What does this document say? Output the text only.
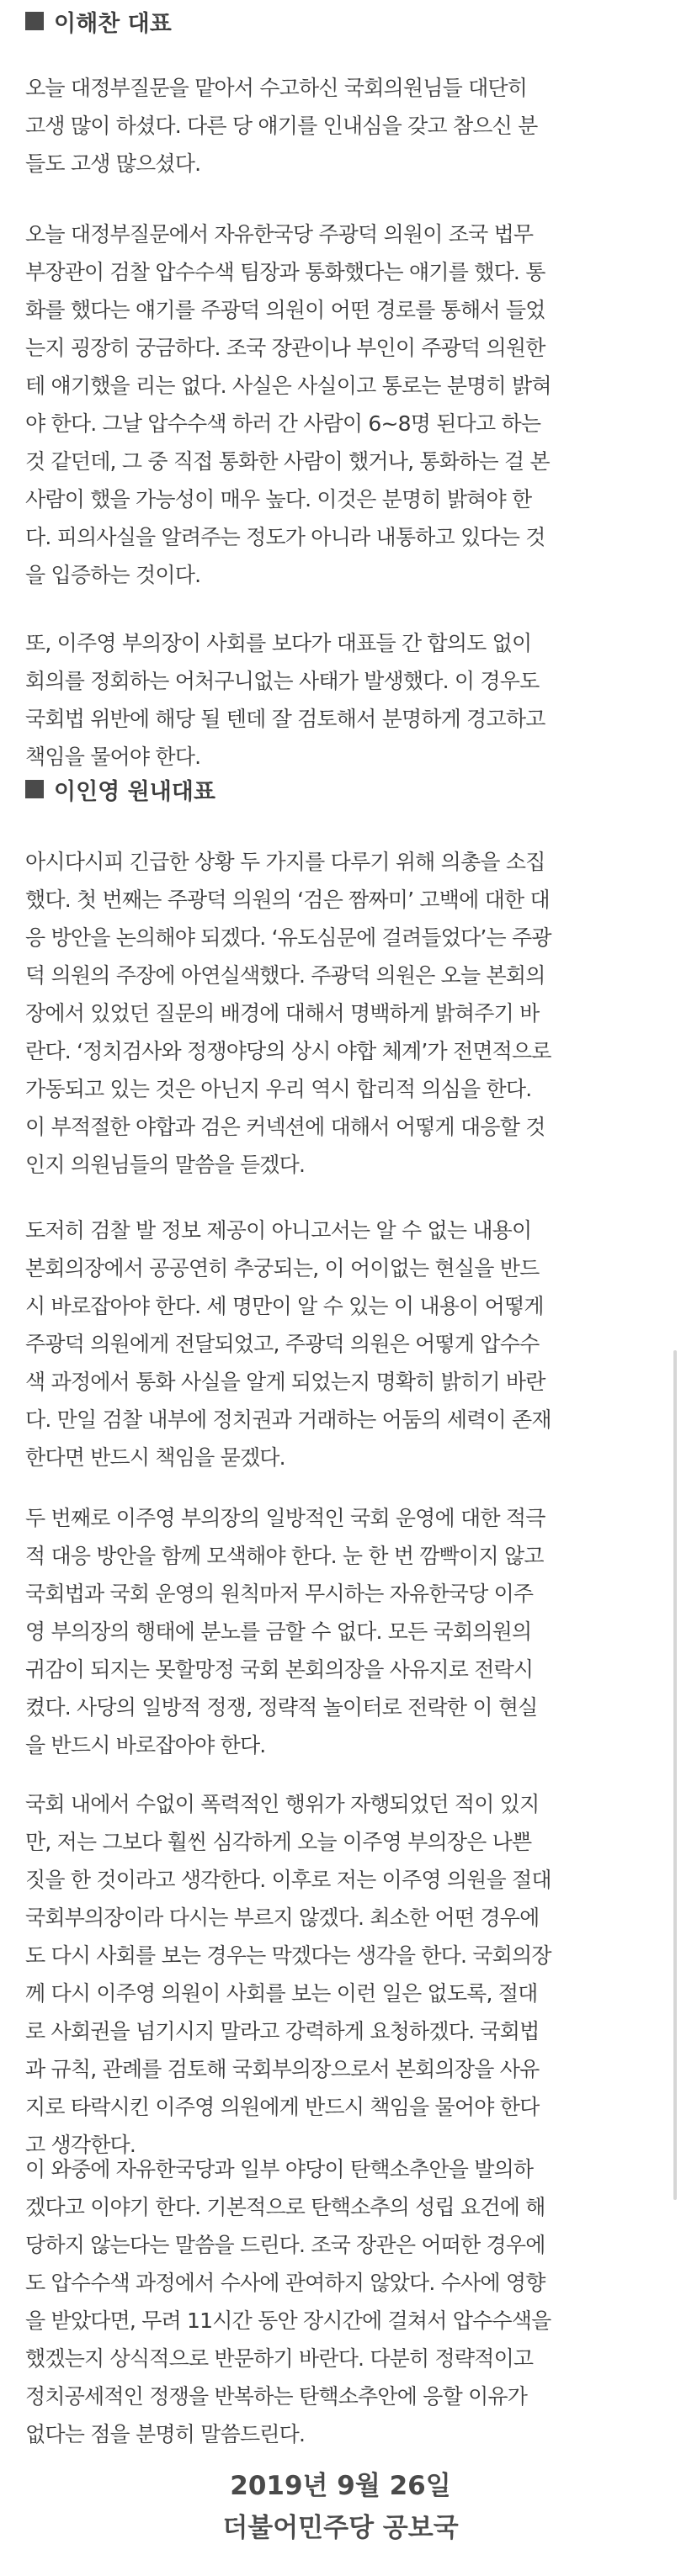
이해찬 대표
오늘 대정부질문을 맡아서 수고하신 국회의원님들 대단히
고생 많이 하셨다. 다른 당 얘기를 인내심을 갖고 참으신 분
들도 고생 많으셨다.
오늘 대정부질문에서 자유한국당 주광덕 의원이 조국 법무
부장관이 검찰 압수수색 팀장과 통화했다는 얘기를 했다. 통
화를 했다는 얘기를 주광덕 의원이 어떤 경로를 통해서 들었
는지 굉장히 궁금하다. 조국 장관이나 부인이 주광덕 의원한
테 얘기했을 리는 없다. 사실은 사실이고 통로는 분명히 밝혀
야 한다. 그날 압수수색 하러 간 사람이 6~8명 된다고 하는
것 같던데, 그 중 직접 통화한 사람이 했거나, 통화하는 걸 본
사람이 했을 가능성이 매우 높다. 이것은 분명히 밝혀야 한
다. 피의사실을 알려주는 정도가 아니라 내통하고 있다는 것
을 입증하는 것이다.
또, 이주영 부의장이 사회를 보다가 대표들 간 합의도 없이
회의를 정회하는 어처구니없는 사태가 발생했다. 이 경우도
국회법 위반에 해당 될 텐데 잘 검토해서 분명하게 경고하고
책임을 물어야 한다.
이인영 원내대표
아시다시피 긴급한 상황 두 가지를 다루기 위해 의총을 소집
했다. 첫 번째는 주광덕 의원의 ‘검은 짬짜미’ 고백에 대한 대
응 방안을 논의해야 되겠다. ‘유도심문에 걸려들었다’는 주광
덕 의원의 주장에 아연실색했다. 주광덕 의원은 오늘 본회의
장에서 있었던 질문의 배경에 대해서 명백하게 밝혀주기 바
란다. ‘정치검사와 정쟁야당의 상시 야합 체계’가 전면적으로
가동되고 있는 것은 아닌지 우리 역시 합리적 의심을 한다.
이 부적절한 야합과 검은 커넥션에 대해서 어떻게 대응할 것
인지 의원님들의 말씀을 듣겠다.
도저히 검찰 발 정보 제공이 아니고서는 알 수 없는 내용이
본회의장에서 공공연히 추궁되는, 이 어이없는 현실을 반드
시 바로잡아야 한다. 세 명만이 알 수 있는 이 내용이 어떻게
주광덕 의원에게 전달되었고, 주광덕 의원은 어떻게 압수수
색 과정에서 통화 사실을 알게 되었는지 명확히 밝히기 바란
다. 만일 검찰 내부에 정치권과 거래하는 어둠의 세력이 존재
한다면 반드시 책임을 묻겠다.
두 번째로 이주영 부의장의 일방적인 국회 운영에 대한 적극
적 대응 방안을 함께 모색해야 한다. 눈 한 번 깜빡이지 않고
국회법과 국회 운영의 원칙마저 무시하는 자유한국당 이주
영 부의장의 행태에 분노를 금할 수 없다. 모든 국회의원의
귀감이 되지는 못할망정 국회 본회의장을 사유지로 전락시
켰다. 사당의 일방적 정쟁, 정략적 놀이터로 전락한 이 현실
을 반드시 바로잡아야 한다.
국회 내에서 수없이 폭력적인 행위가 자행되었던 적이 있지
만, 저는 그보다 훨씬 심각하게 오늘 이주영 부의장은 나쁜
짓을 한 것이라고 생각한다. 이후로 저는 이주영 의원을 절대
국회부의장이라 다시는 부르지 않겠다. 최소한 어떤 경우에
도 다시 사회를 보는 경우는 막겠다는 생각을 한다. 국회의장
께 다시 이주영 의원이 사회를 보는 이런 일은 없도록, 절대
로 사회권을 넘기시지 말라고 강력하게 요청하겠다. 국회법
과 규칙, 관례를 검토해 국회부의장으로서 본회의장을 사유
지로 타락시킨 이주영 의원에게 반드시 책임을 물어야 한다
고 생각한다.
이 와중에 자유한국당과 일부 야당이 탄핵소추안을 발의하
겠다고 이야기 한다. 기본적으로 탄핵소추의 성립 요건에 해
당하지 않는다는 말씀을 드린다. 조국 장관은 어떠한 경우에
도 압수수색 과정에서 수사에 관여하지 않았다. 수사에 영향
을 받았다면, 무려 11시간 동안 장시간에 걸쳐서 압수수색을
했겠는지 상식적으로 반문하기 바란다. 다분히 정략적이고
정치공세적인 정쟁을 반복하는 탄핵소추안에 응할 이유가
없다는 점을 분명히 말씀드린다.
2019년 9월 26일
더불어민주당 공보국
